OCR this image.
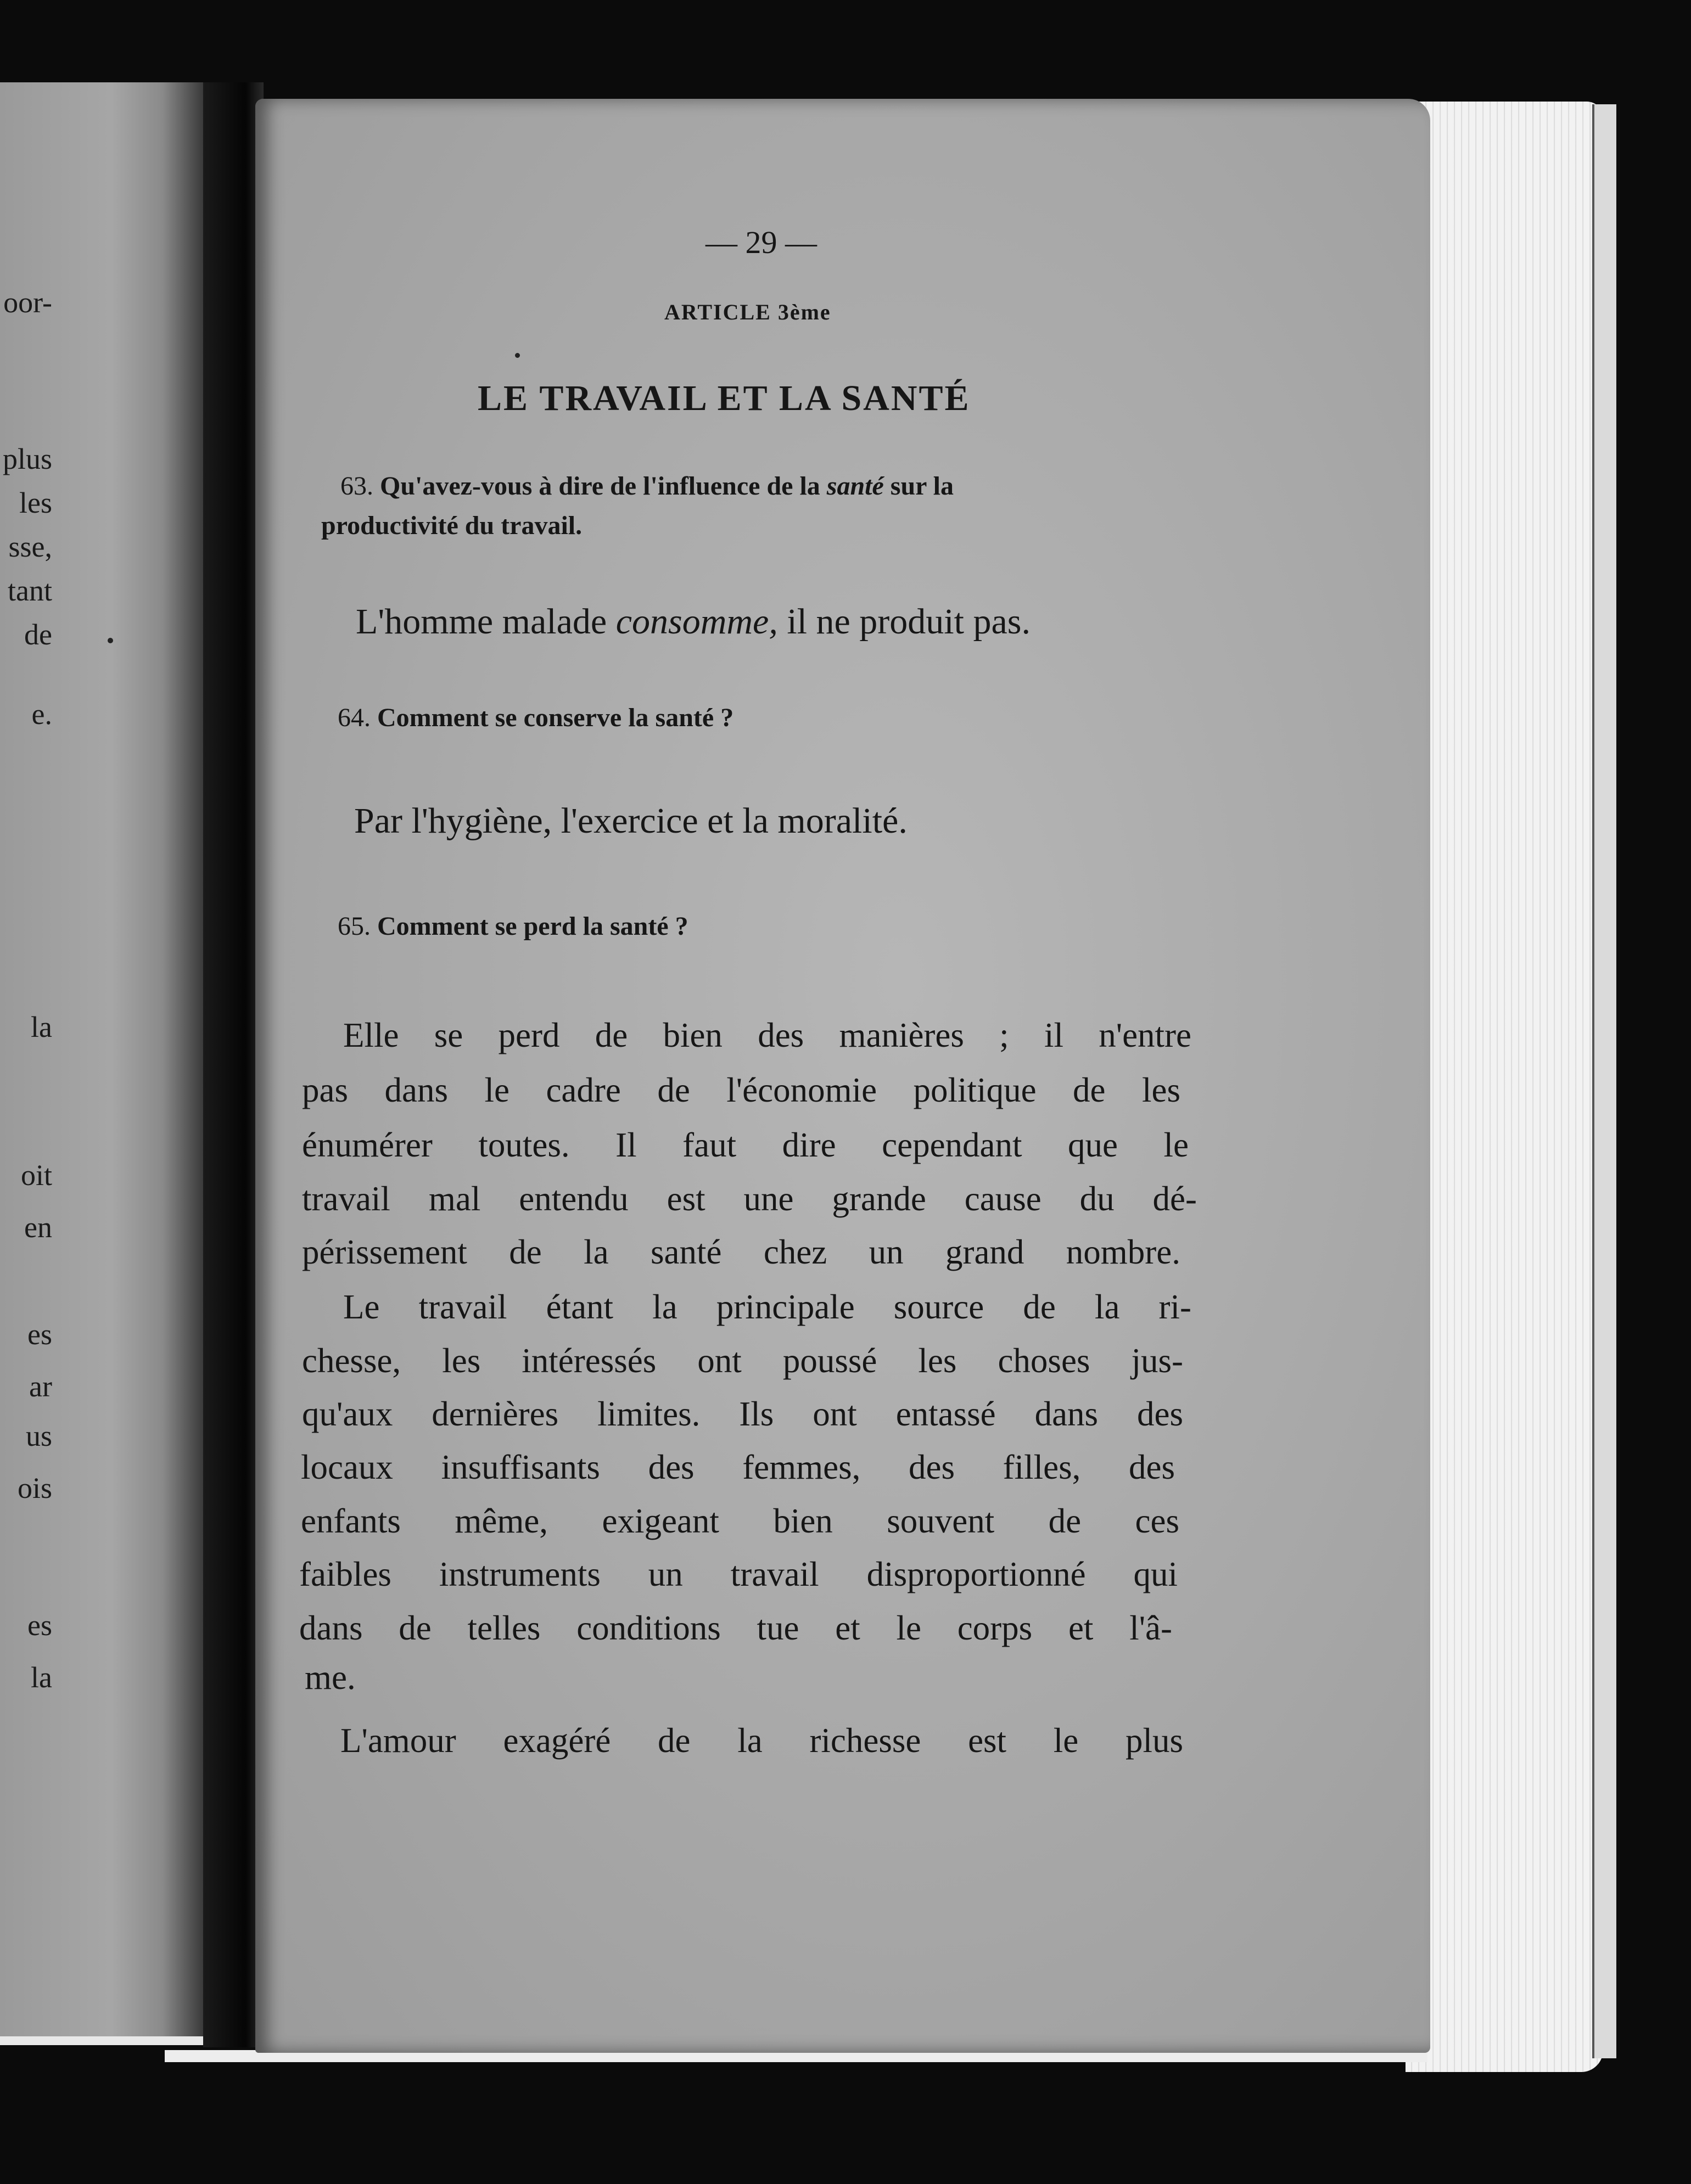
oor-
plus
les
sse,
tant
de
e.
la
oit
en
es
ar
us
ois
es
la
— 29 —
ARTICLE 3ème
LE TRAVAIL ET LA SANTÉ
63. Qu'avez-vous à dire de l'influence de la santé sur la
productivité du travail.
L'homme malade consomme, il ne produit pas.
64. Comment se conserve la santé ?
Par l'hygiène, l'exercice et la moralité.
65. Comment se perd la santé ?
Elle se perd de bien des manières ; il n'entre
pas dans le cadre de l'économie politique de les
énumérer toutes. Il faut dire cependant que le
travail mal entendu est une grande cause du dé-
périssement de la santé chez un grand nombre.
Le travail étant la principale source de la ri-
chesse, les intéressés ont poussé les choses jus-
qu'aux dernières limites. Ils ont entassé dans des
locaux insuffisants des femmes, des filles, des
enfants même, exigeant bien souvent de ces
faibles instruments un travail disproportionné qui
dans de telles conditions tue et le corps et l'â-
me.
L'amour exagéré de la richesse est le plus
